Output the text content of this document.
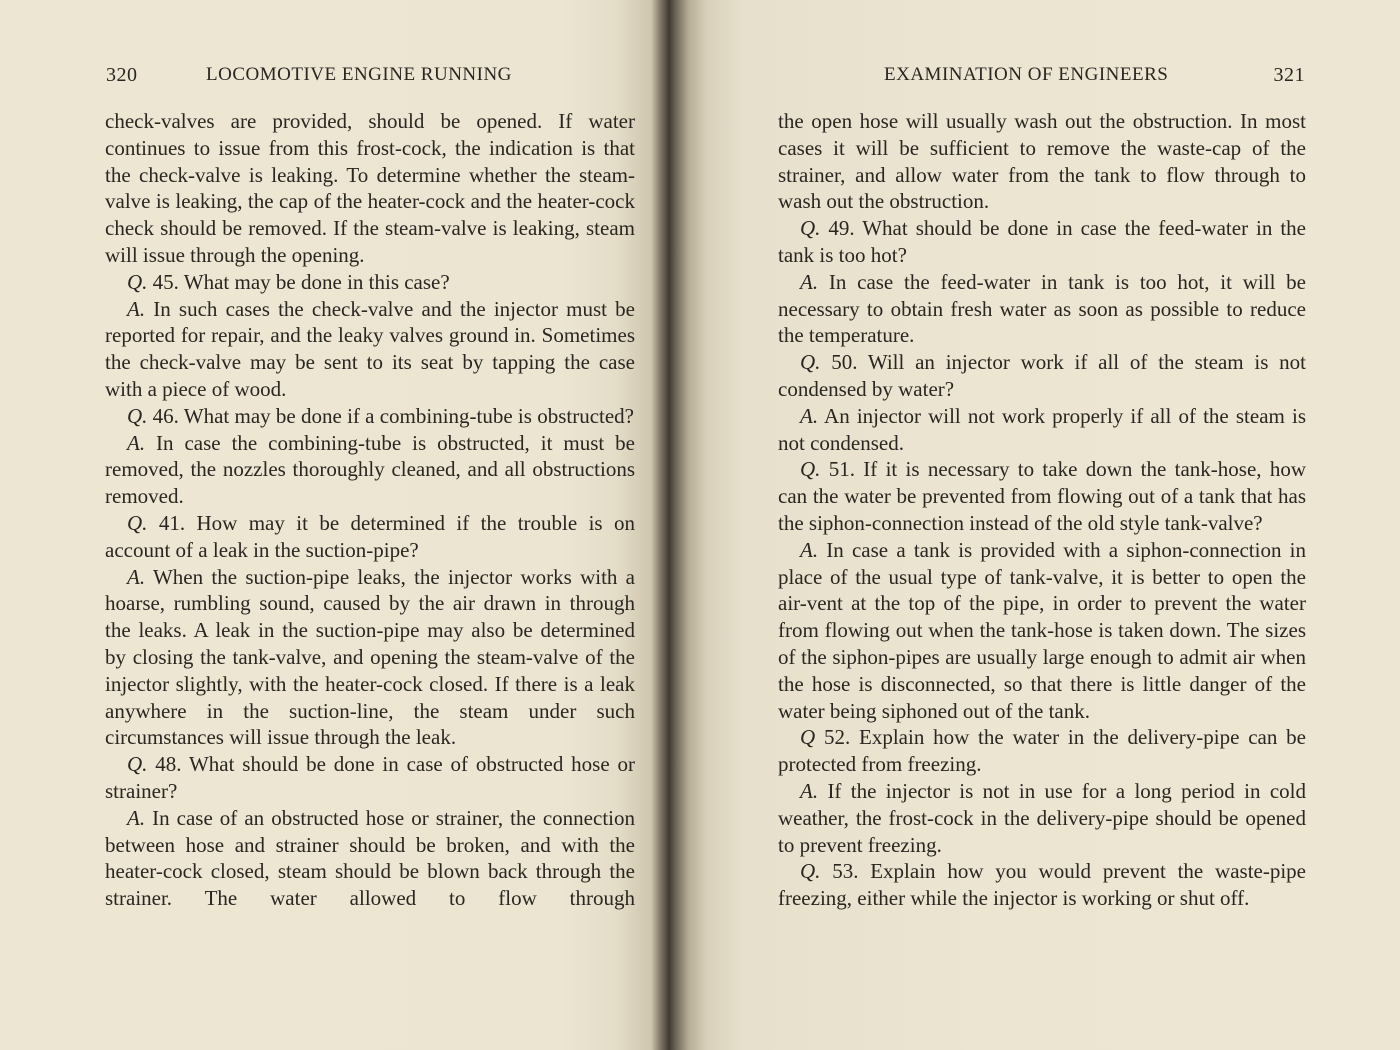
320	LOCOMOTIVE ENGINE RUNNING

check-valves are provided, should be opened. If water continues to issue from this frost-cock, the indication is that the check-valve is leaking. To determine whether the steam-valve is leaking, the cap of the heater-cock and the heater-cock check should be removed. If the steam-valve is leaking, steam will issue through the opening.

Q. 45. What may be done in this case?

A. In such cases the check-valve and the injector must be reported for repair, and the leaky valves ground in. Sometimes the check-valve may be sent to its seat by tapping the case with a piece of wood.

Q. 46. What may be done if a combining-tube is obstructed?

A. In case the combining-tube is obstructed, it must be removed, the nozzles thoroughly cleaned, and all obstructions removed.

Q. 41. How may it be determined if the trouble is on account of a leak in the suction-pipe?

A. When the suction-pipe leaks, the injector works with a hoarse, rumbling sound, caused by the air drawn in through the leaks. A leak in the suction-pipe may also be determined by closing the tank-valve, and opening the steam-valve of the injector slightly, with the heater-cock closed. If there is a leak anywhere in the suction-line, the steam under such circumstances will issue through the leak.

Q. 48. What should be done in case of obstructed hose or strainer?

A. In case of an obstructed hose or strainer, the connection between hose and strainer should be broken, and with the heater-cock closed, steam should be blown back through the strainer. The water allowed to flow through

EXAMINATION OF ENGINEERS	321

the open hose will usually wash out the obstruction. In most cases it will be sufficient to remove the waste-cap of the strainer, and allow water from the tank to flow through to wash out the obstruction.

Q. 49. What should be done in case the feed-water in the tank is too hot?

A. In case the feed-water in tank is too hot, it will be necessary to obtain fresh water as soon as possible to reduce the temperature.

Q. 50. Will an injector work if all of the steam is not condensed by water?

A. An injector will not work properly if all of the steam is not condensed.

Q. 51. If it is necessary to take down the tank-hose, how can the water be prevented from flowing out of a tank that has the siphon-connection instead of the old style tank-valve?

A. In case a tank is provided with a siphon-connection in place of the usual type of tank-valve, it is better to open the air-vent at the top of the pipe, in order to prevent the water from flowing out when the tank-hose is taken down. The sizes of the siphon-pipes are usually large enough to admit air when the hose is disconnected, so that there is little danger of the water being siphoned out of the tank.

Q 52. Explain how the water in the delivery-pipe can be protected from freezing.

A. If the injector is not in use for a long period in cold weather, the frost-cock in the delivery-pipe should be opened to prevent freezing.

Q. 53. Explain how you would prevent the waste-pipe freezing, either while the injector is working or shut off.
